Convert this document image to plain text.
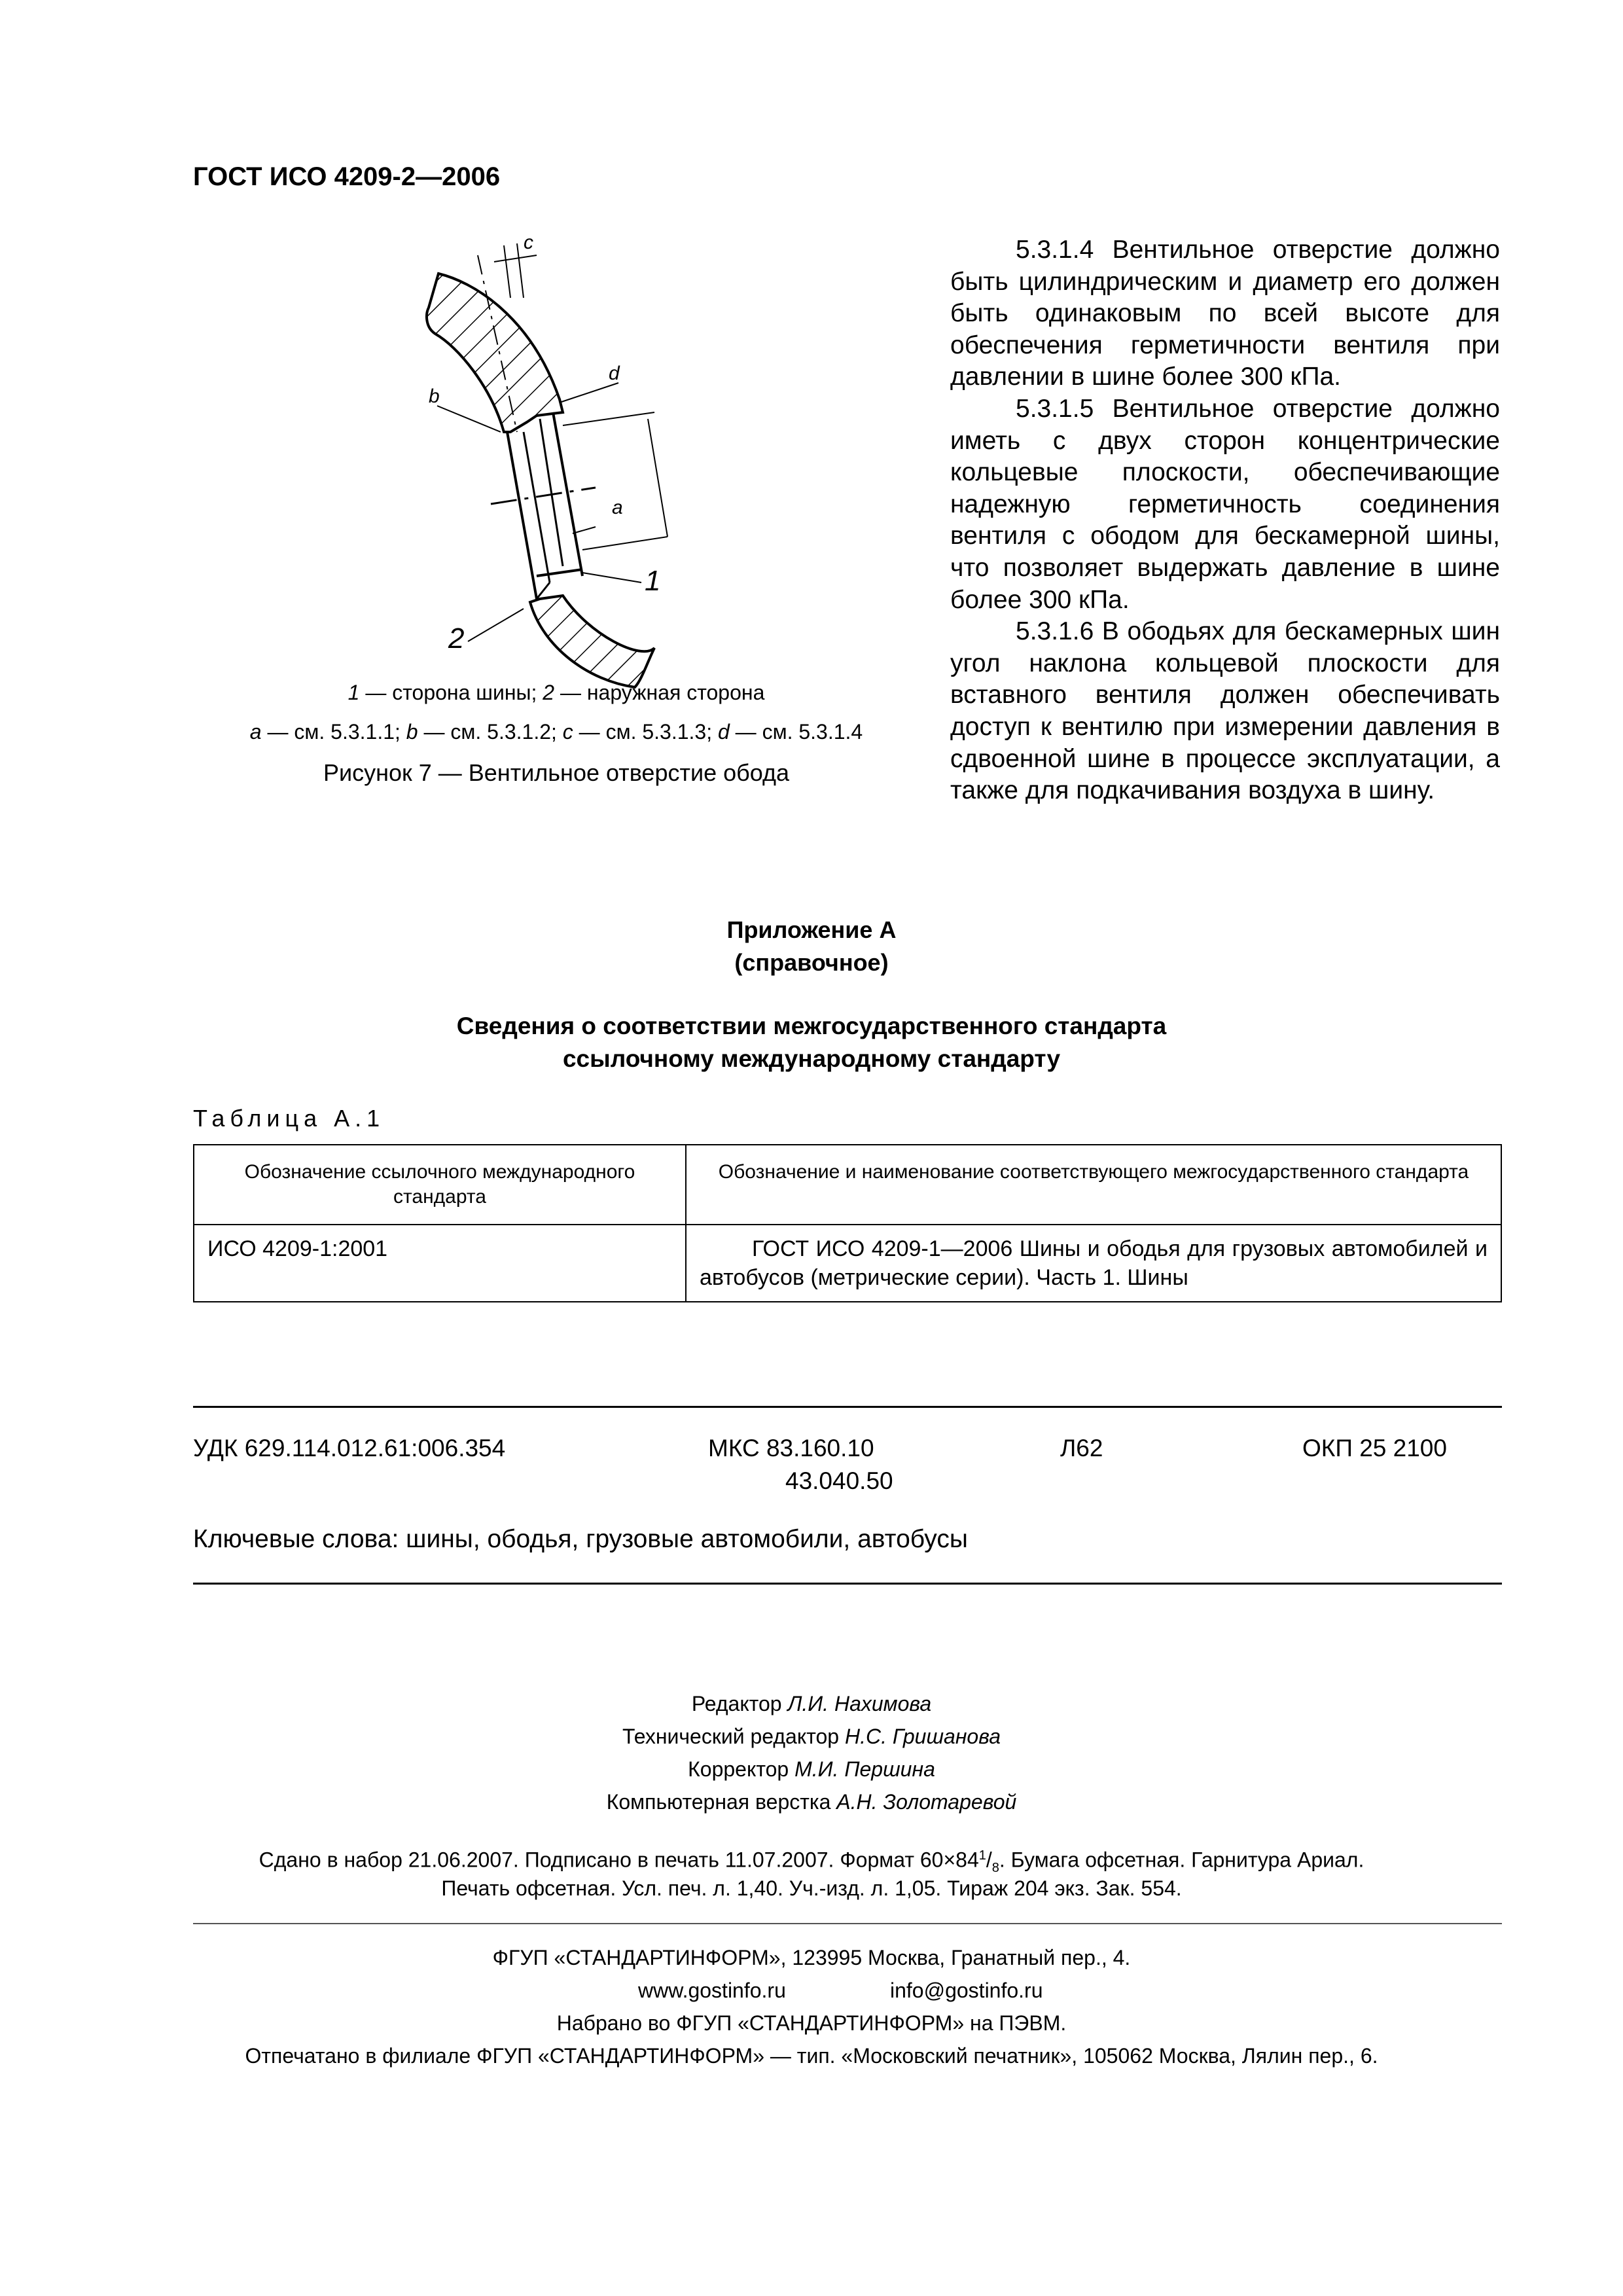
ГОСТ ИСО 4209-2—2006
c
d
b
a
1
2
1 — сторона шины; 2 — наружная сторона
a — см. 5.3.1.1; b — см. 5.3.1.2; c — см. 5.3.1.3; d — см. 5.3.1.4
Рисунок 7 — Вентильное отверстие обода

5.3.1.4 Вентильное отверстие должно быть цилиндрическим и диаметр его должен быть одинаковым по всей высоте для обеспечения герметичности вентиля при давлении в шине более 300 кПа.

5.3.1.5 Вентильное отверстие должно иметь с двух сторон концентрические кольцевые плоскости, обеспечивающие надежную герметичность соединения вентиля с ободом для бескамерной шины, что позволяет выдержать давление в шине более 300 кПа.

5.3.1.6 В ободьях для бескамерных шин угол наклона кольцевой плоскости для вставного вентиля должен обеспечивать доступ к вентилю при измерении давления в сдвоенной шине в процессе эксплуатации, а также для подкачивания воздуха в шину.

Приложение А
(справочное)
Сведения о соответствии межгосударственного стандарта
ссылочному международному стандарту
Таблица А.1
Обозначение ссылочного международного стандарта	Обозначение и наименование соответствующего межгосударственного стандарта
ИСО 4209-1:2001	ГОСТ ИСО 4209-1—2006 Шины и ободья для грузовых автомобилей и автобусов (метрические серии). Часть 1. Шины
УДК 629.114.012.61:006.354	МКС 83.160.10
43.040.50
Л62	ОКП 25 2100
Ключевые слова: шины, ободья, грузовые автомобили, автобусы
Редактор Л.И. Нахимова
Технический редактор Н.С. Гришанова
Корректор М.И. Першина
Компьютерная верстка А.Н. Золотаревой
Сдано в набор 21.06.2007. Подписано в печать 11.07.2007. Формат $60\times 84^1/_8$. Бумага офсетная. Гарнитура Ариал.
Печать офсетная. Усл. печ. л. 1,40. Уч.-изд. л. 1,05. Тираж 204 экз. Зак. 554.
ФГУП «СТАНДАРТИНФОРМ», 123995 Москва, Гранатный пер., 4.
www.gostinfo.ru	info@gostinfo.ru
Набрано во ФГУП «СТАНДАРТИНФОРМ» на ПЭВМ.
Отпечатано в филиале ФГУП «СТАНДАРТИНФОРМ» — тип. «Московский печатник», 105062 Москва, Лялин пер., 6.
